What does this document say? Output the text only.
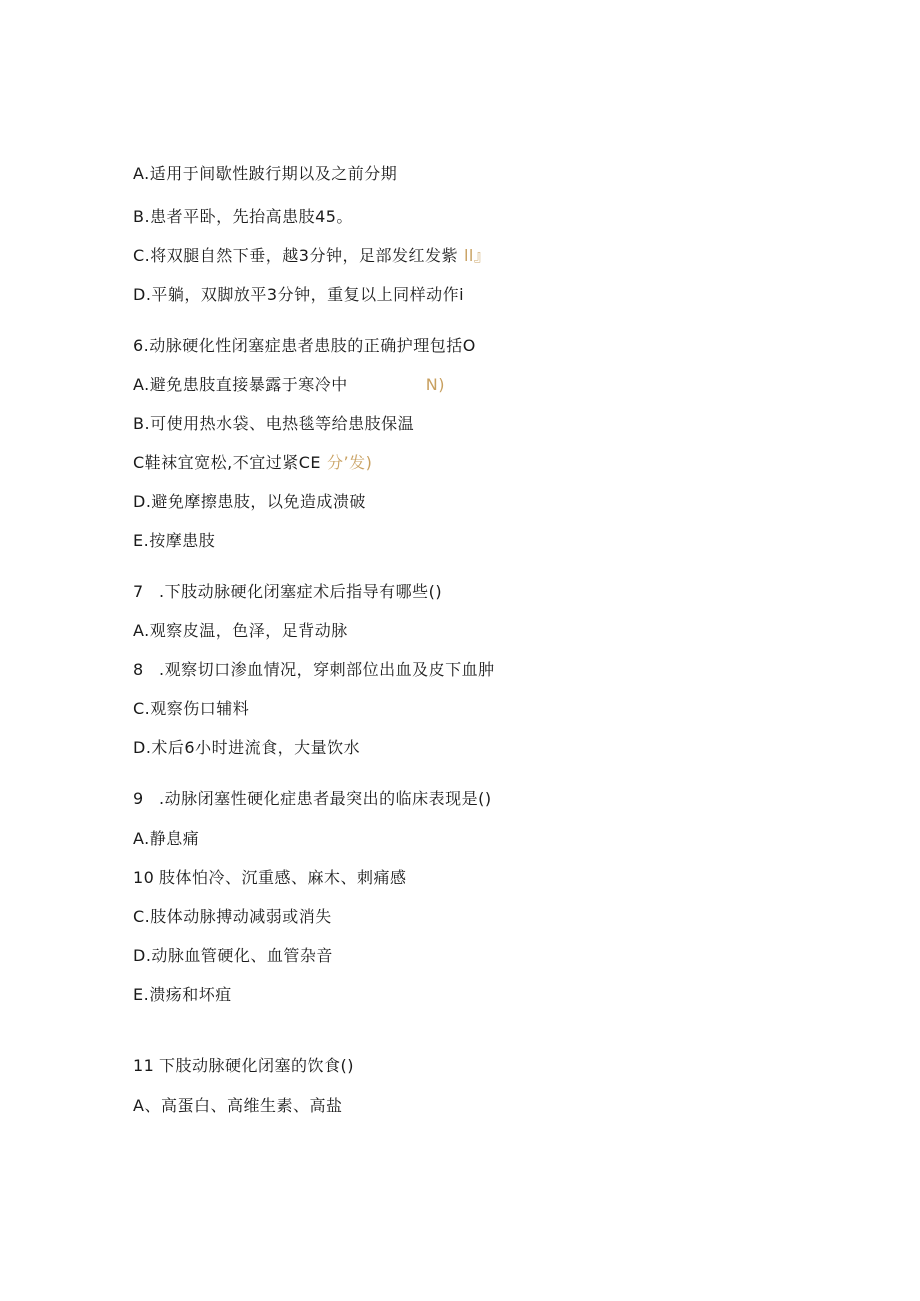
A.适用于间歇性跛行期以及之前分期
B.患者平卧，先抬高患肢45。
C.将双腿自然下垂，越3分钟，足部发红发紫 ll』
D.平躺，双脚放平3分钟，重复以上同样动作i
6.动脉硬化性闭塞症患者患肢的正确护理包括O
A.避免患肢直接暴露于寒冷中	N)
B.可使用热水袋、电热毯等给患肢保温
C鞋袜宜宽松,不宜过紧CE 分’发)
D.避免摩擦患肢，以免造成溃破
E.按摩患肢
7 .下肢动脉硬化闭塞症术后指导有哪些()
A.观察皮温，色泽，足背动脉
8 .观察切口渗血情况，穿刺部位出血及皮下血肿
C.观察伤口辅料
D.术后6小时进流食，大量饮水
9 .动脉闭塞性硬化症患者最突出的临床表现是()
A.静息痛
10 肢体怕冷、沉重感、麻木、刺痛感
C.肢体动脉搏动减弱或消失
D.动脉血管硬化、血管杂音
E.溃疡和坏疽
11 下肢动脉硬化闭塞的饮食()
A、高蛋白、高维生素、高盐
